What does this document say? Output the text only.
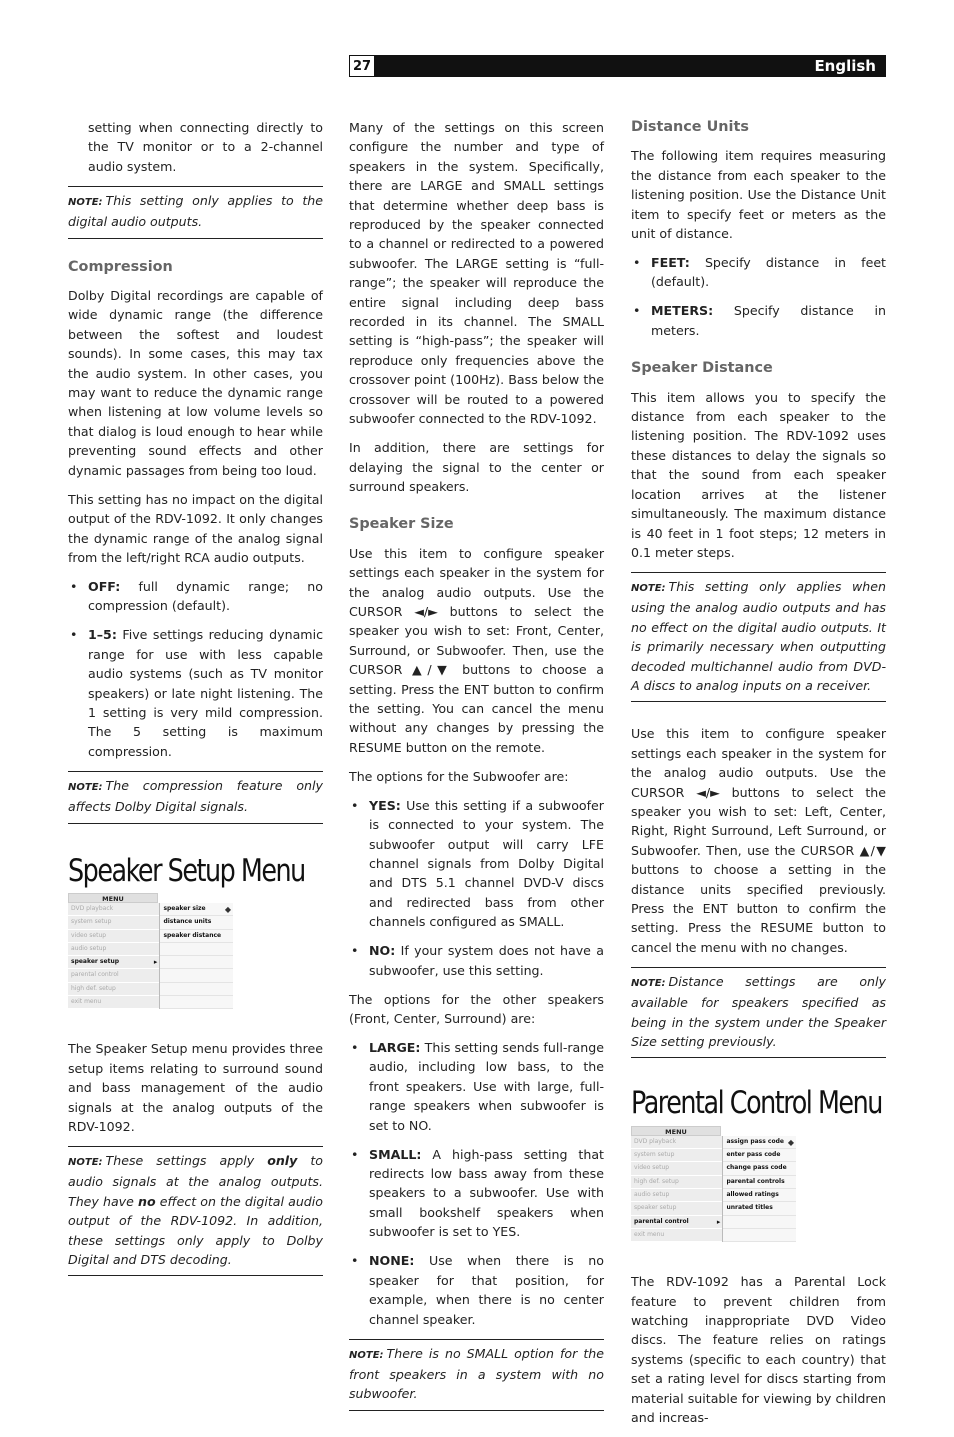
English
27

setting when connecting directly to the TV monitor or to a 2-channel audio system.

NOTE: This setting only applies to the digital audio outputs.
Compression

Dolby Digital recordings are capable of wide dynamic range (the difference between the softest and loudest sounds). In some cases, this may tax the audio system. In other cases, you may want to reduce the dynamic range when listening at low volume levels so that dialog is loud enough to hear while preventing sound effects and other dynamic passages from being too loud.

This setting has no impact on the digital output of the RDV-1092. It only changes the dynamic range of the analog signal from the left/right RCA audio outputs.

• OFF: full dynamic range; no compression (default).
• 1–5: Five settings reducing dynamic range for use with less capable audio systems (such as TV monitor speakers) or late night listening. The 1 setting is very mild compression. The 5 setting is maximum compression.
NOTE: The compression feature only affects Dolby Digital signals.
Speaker Setup Menu
MENU
DVD playback
system setup
video setup
audio setup
speaker setup ▸
parental control
high def. setup
exit menu
speaker size ◆
distance units
speaker distance

The Speaker Setup menu provides three setup items relating to surround sound and bass management of the audio signals at the analog outputs of the RDV-1092.

NOTE: These settings apply only to audio signals at the analog outputs. They have no effect on the digital audio output of the RDV-1092. In addition, these settings only apply to Dolby Digital and DTS decoding.

Many of the settings on this screen configure the number and type of speakers in the system. Specifically, there are LARGE and SMALL settings that determine whether deep bass is reproduced by the speaker connected to a channel or redirected to a powered subwoofer. The LARGE setting is “full-range”; the speaker will reproduce the entire signal including deep bass recorded in its channel. The SMALL setting is “high-pass”; the speaker will reproduce only frequencies above the crossover point (100Hz). Bass below the crossover will be routed to a powered subwoofer connected to the RDV-1092.

In addition, there are settings for delaying the signal to the center or surround speakers.

Speaker Size

Use this item to configure speaker settings each speaker in the system for the analog audio outputs. Use the CURSOR ◄/► buttons to select the speaker you wish to set: Front, Center, Surround, or Subwoofer. Then, use the CURSOR ▲/▼ buttons to choose a setting. Press the ENT button to confirm the setting. You can cancel the menu without any changes by pressing the RESUME button on the remote.

The options for the Subwoofer are:

• YES: Use this setting if a subwoofer is connected to your system. The subwoofer output will carry LFE channel signals from Dolby Digital and DTS 5.1 channel DVD-V discs and redirected bass from other channels configured as SMALL.
• NO: If your system does not have a subwoofer, use this setting.

The options for the other speakers (Front, Center, Surround) are:

• LARGE: This setting sends full-range audio, including low bass, to the front speakers. Use with large, full-range speakers when subwoofer is set to NO.
• SMALL: A high-pass setting that redirects low bass away from these speakers to a subwoofer. Use with small bookshelf speakers when subwoofer is set to YES.
• NONE: Use when there is no speaker for that position, for example, when there is no center channel speaker.
NOTE: There is no SMALL option for the front speakers in a system with no subwoofer.
Distance Units

The following item requires measuring the distance from each speaker to the listening position. Use the Distance Unit item to specify feet or meters as the unit of distance.

• FEET: Specify distance in feet (default).
• METERS: Specify distance in meters.
Speaker Distance

This item allows you to specify the distance from each speaker to the listening position. The RDV-1092 uses these distances to delay the signals so that the sound from each speaker location arrives at the listener simultaneously. The maximum distance is 40 feet in 1 foot steps; 12 meters in 0.1 meter steps.

NOTE: This setting only applies when using the analog audio outputs and has no effect on the digital audio outputs. It is primarily necessary when outputting decoded multichannel audio from DVD-A discs to analog inputs on a receiver.

Use this item to configure speaker settings each speaker in the system for the analog audio outputs. Use the CURSOR ◄/► buttons to select the speaker you wish to set: Left, Center, Right, Right Surround, Left Surround, or Subwoofer. Then, use the CURSOR ▲/▼ buttons to choose a setting in the distance units specified previously. Press the ENT button to confirm the setting. Press the RESUME button to cancel the menu with no changes.

NOTE: Distance settings are only available for speakers specified as being in the system under the Speaker Size setting previously.
Parental Control Menu
MENU
DVD playback
system setup
video setup
high def. setup
audio setup
speaker setup
parental control ▸
exit menu
assign pass code ◆
enter pass code
change pass code
parental controls
allowed ratings
unrated titles

The RDV-1092 has a Parental Lock feature to prevent children from watching inappropriate DVD Video discs. The feature relies on ratings systems (specific to each country) that set a rating level for discs starting from material suitable for viewing by children and increas-
